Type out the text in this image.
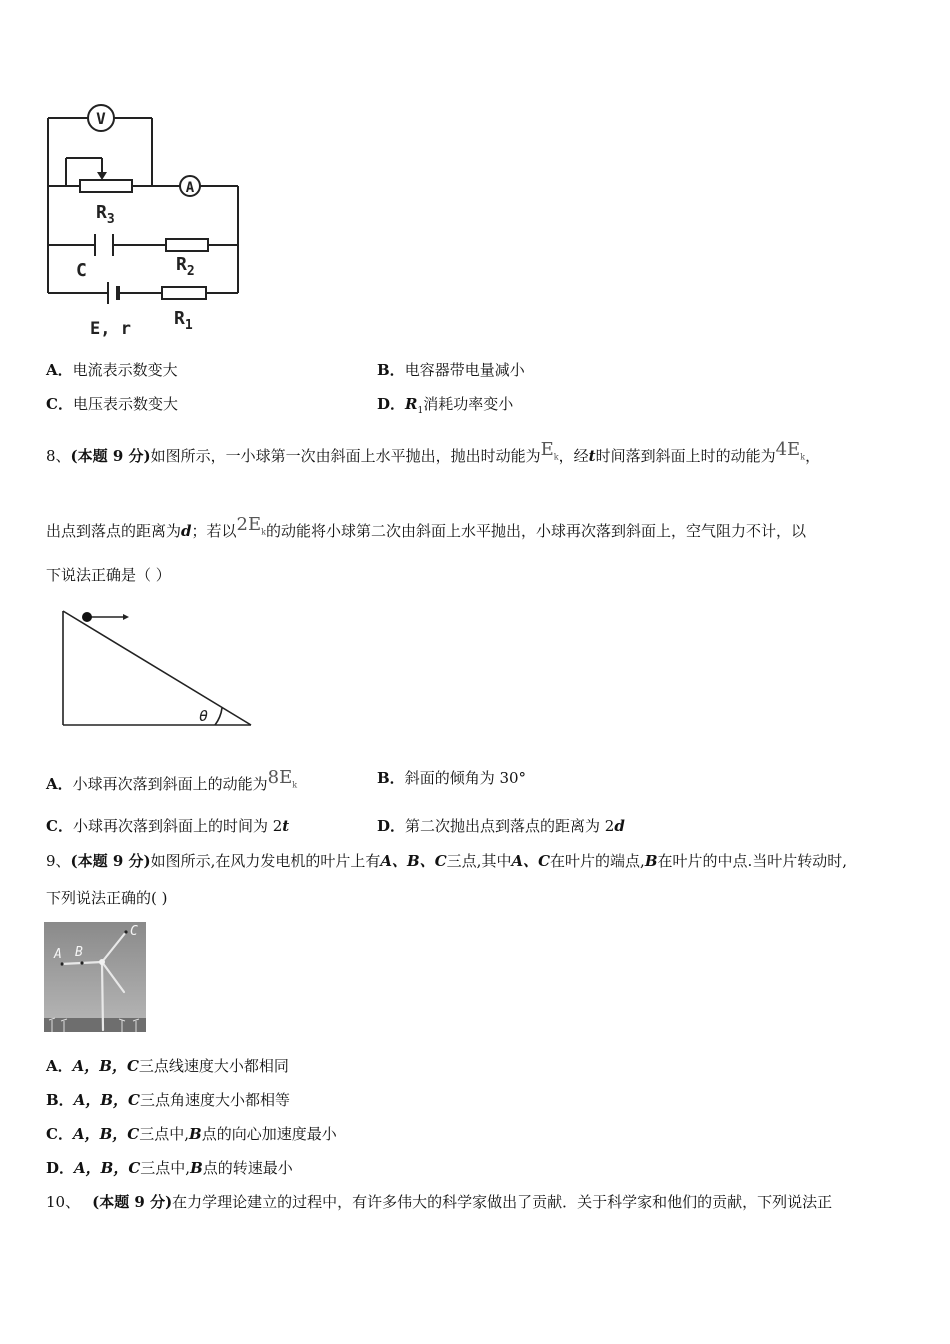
V
A
$R_3$
C	$R_2$
E, r $R_1$
A．电流表示数变大	B．电容器带电量减小
C．电压表示数变大	D．$R_1$消耗功率变小
8、(本题 9 分)如图所示，一小球第一次由斜面上水平抛出，抛出时动能为$E_k$，经t时间落到斜面上时的动能为$4E_k$，
出点到落点的距离为d；若以$2E_k$的动能将小球第二次由斜面上水平抛出，小球再次落到斜面上，空气阻力不计，以
下说法正确是（ ）
θ
A．小球再次落到斜面上的动能为$8E_k$	B．斜面的倾角为 30°
C．小球再次落到斜面上的时间为 2t	D．第二次抛出点到落点的距离为 2d
9、(本题 9 分)如图所示,在风力发电机的叶片上有A、B、C三点,其中A、C在叶片的端点,B在叶片的中点.当叶片转动时,
下列说法正确的( )
A B
C
A．A，B，C三点线速度大小都相同
B．A，B，C三点角速度大小都相等
C．A，B，C三点中,B点的向心加速度最小
D．A，B，C三点中,B点的转速最小
10、 (本题 9 分)在力学理论建立的过程中，有许多伟大的科学家做出了贡献．关于科学家和他们的贡献，下列说法正
